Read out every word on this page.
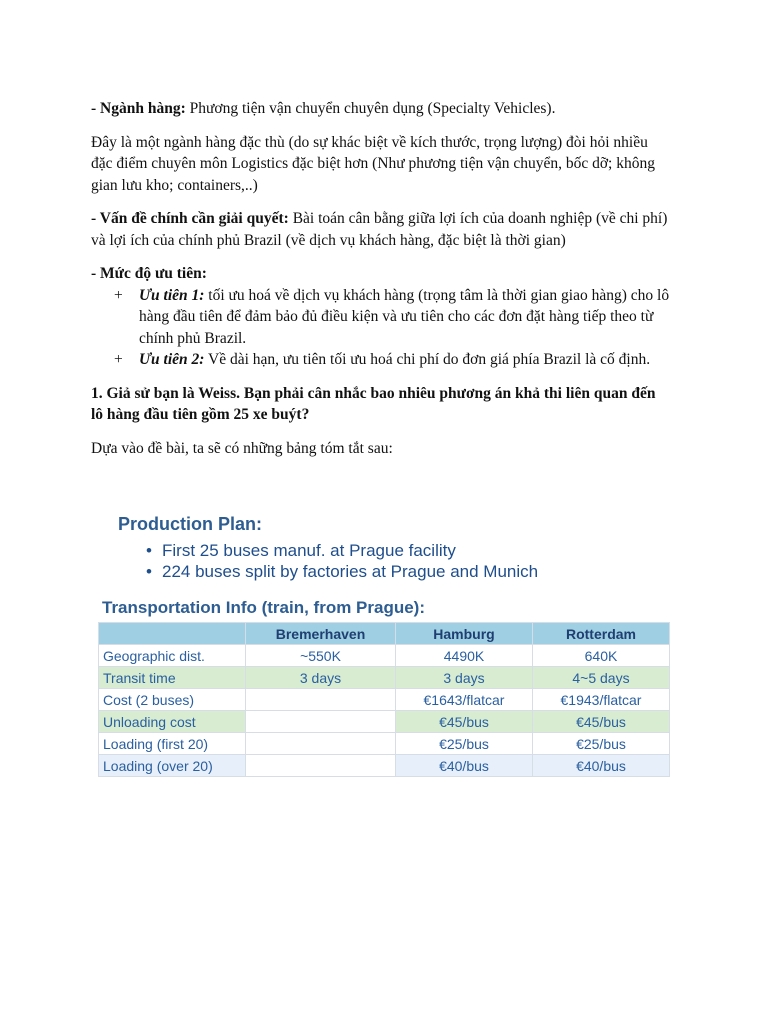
- Ngành hàng: Phương tiện vận chuyển chuyên dụng (Specialty Vehicles).

Đây là một ngành hàng đặc thù (do sự khác biệt về kích thước, trọng lượng) đòi hỏi nhiều đặc điểm chuyên môn Logistics đặc biệt hơn (Như phương tiện vận chuyển, bốc dỡ; không gian lưu kho; containers,..)

- Vấn đề chính cần giải quyết: Bài toán cân bằng giữa lợi ích của doanh nghiệp (về chi phí) và lợi ích của chính phủ Brazil (về dịch vụ khách hàng, đặc biệt là thời gian)

- Mức độ ưu tiên:

+	Ưu tiên 1: tối ưu hoá về dịch vụ khách hàng (trọng tâm là thời gian giao hàng) cho lô hàng đầu tiên để đảm bảo đủ điều kiện và ưu tiên cho các đơn đặt hàng tiếp theo từ chính phủ Brazil.
+	Ưu tiên 2: Về dài hạn, ưu tiên tối ưu hoá chi phí do đơn giá phía Brazil là cố định.

1. Giả sử bạn là Weiss. Bạn phải cân nhắc bao nhiêu phương án khả thi liên quan đến lô hàng đầu tiên gồm 25 xe buýt?

Dựa vào đề bài, ta sẽ có những bảng tóm tắt sau:

Production Plan:
• First 25 buses manuf. at Prague facility
• 224 buses split by factories at Prague and Munich
Transportation Info (train, from Prague):
	Bremerhaven	Hamburg	Rotterdam
Geographic dist.	~550K	4490K	640K
Transit time	3 days	3 days	4~5 days
Cost (2 buses)		€1643/flatcar	€1943/flatcar
Unloading cost		€45/bus	€45/bus
Loading (first 20)		€25/bus	€25/bus
Loading (over 20)		€40/bus	€40/bus
